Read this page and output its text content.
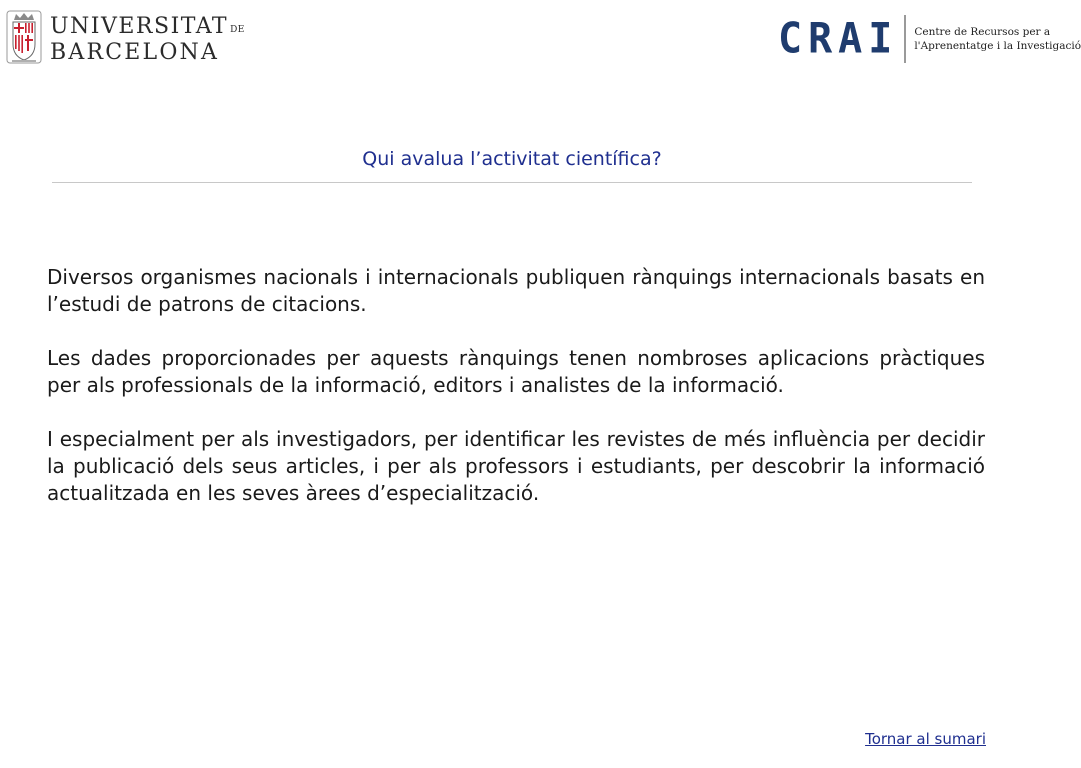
UNIVERSITAT DE
BARCELONA	CRAI Centre de Recursos per a
l'Aprenentatge i la Investigació
Qui avalua l’activitat científica?

Diversos organismes nacionals i internacionals publiquen rànquings internacionals basats en l’estudi de patrons de citacions.

Les dades proporcionades per aquests rànquings tenen nombroses aplicacions pràctiques per als professionals de la informació, editors i analistes de la informació.

I especialment per als investigadors, per identificar les revistes de més influència per decidir la publicació dels seus articles, i per als professors i estudiants, per descobrir la informació actualitzada en les seves àrees d’especialització.

Tornar al sumari
